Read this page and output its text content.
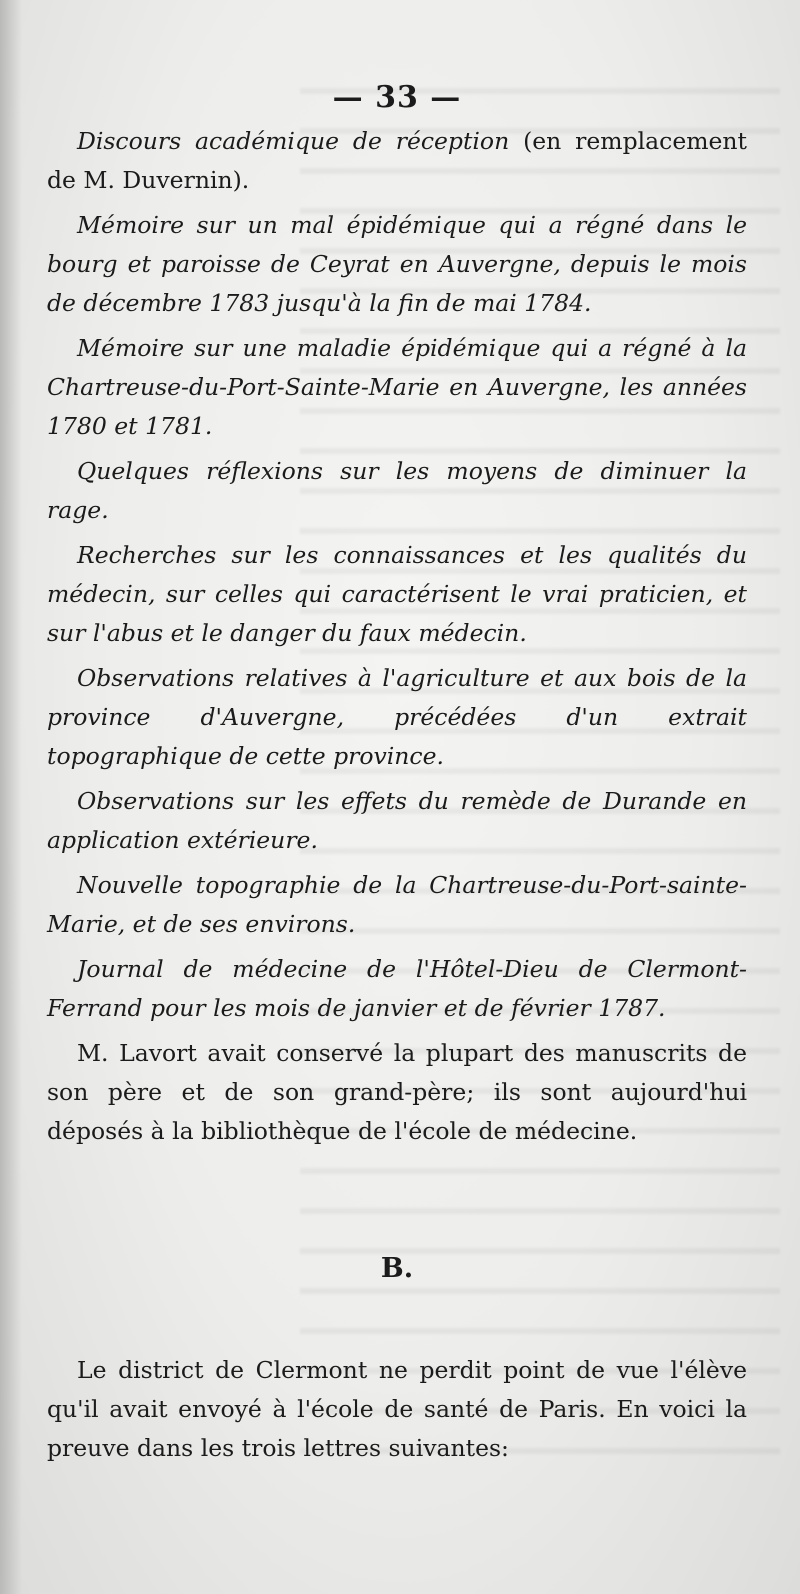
— 33 —

Discours académique de réception (en remplacement de M. Duvernin).

Mémoire sur un mal épidémique qui a régné dans le bourg et paroisse de Ceyrat en Auvergne, depuis le mois de décembre 1783 jusqu'à la fin de mai 1784.

Mémoire sur une maladie épidémique qui a régné à la Chartreuse-du-Port-Sainte-Marie en Auvergne, les années 1780 et 1781.

Quelques réflexions sur les moyens de diminuer la rage.

Recherches sur les connaissances et les qualités du médecin, sur celles qui caractérisent le vrai praticien, et sur l'abus et le danger du faux médecin.

Observations relatives à l'agriculture et aux bois de la province d'Auvergne, précédées d'un extrait topographique de cette province.

Observations sur les effets du remède de Durande en application extérieure.

Nouvelle topographie de la Chartreuse-du-Port-sainte-Marie, et de ses environs.

Journal de médecine de l'Hôtel-Dieu de Clermont-Ferrand pour les mois de janvier et de février 1787.

M. Lavort avait conservé la plupart des manuscrits de son père et de son grand-père; ils sont aujourd'hui déposés à la bibliothèque de l'école de médecine.

B.

Le district de Clermont ne perdit point de vue l'élève qu'il avait envoyé à l'école de santé de Paris. En voici la preuve dans les trois lettres suivantes:
